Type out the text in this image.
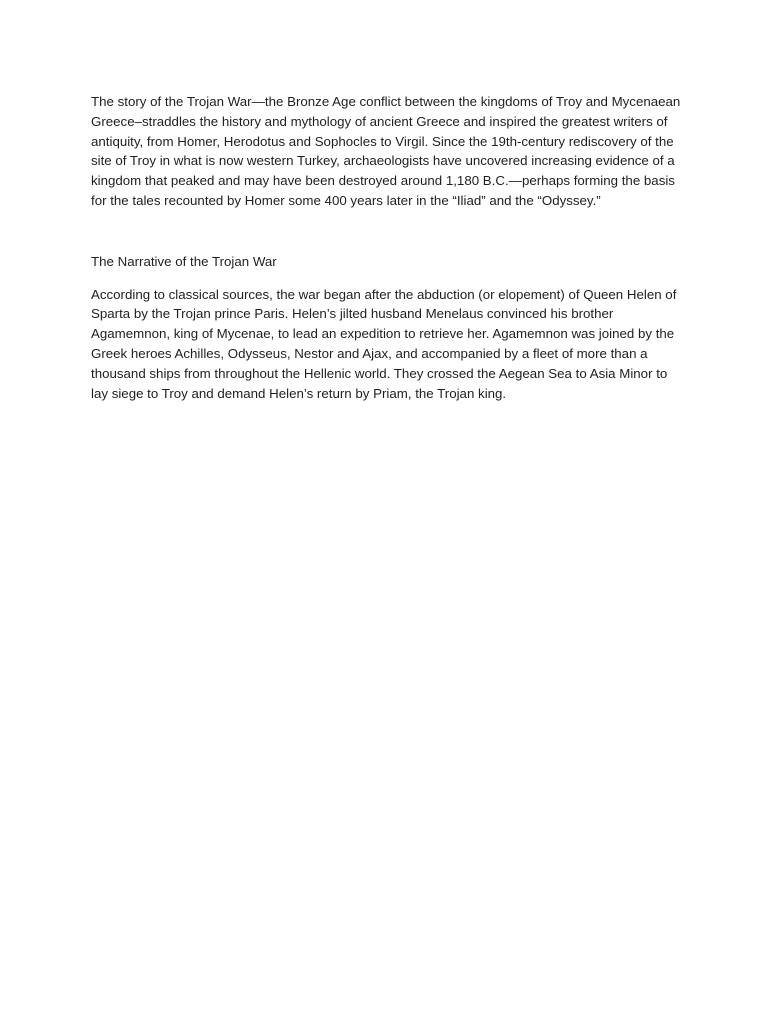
The story of the Trojan War—the Bronze Age conflict between the kingdoms of Troy and Mycenaean Greece–straddles the history and mythology of ancient Greece and inspired the greatest writers of antiquity, from Homer, Herodotus and Sophocles to Virgil. Since the 19th-century rediscovery of the site of Troy in what is now western Turkey, archaeologists have uncovered increasing evidence of a kingdom that peaked and may have been destroyed around 1,180 B.C.—perhaps forming the basis for the tales recounted by Homer some 400 years later in the “Iliad” and the “Odyssey.”

The Narrative of the Trojan War

According to classical sources, the war began after the abduction (or elopement) of Queen Helen of Sparta by the Trojan prince Paris. Helen’s jilted husband Menelaus convinced his brother Agamemnon, king of Mycenae, to lead an expedition to retrieve her. Agamemnon was joined by the Greek heroes Achilles, Odysseus, Nestor and Ajax, and accompanied by a fleet of more than a thousand ships from throughout the Hellenic world. They crossed the Aegean Sea to Asia Minor to lay siege to Troy and demand Helen’s return by Priam, the Trojan king.
